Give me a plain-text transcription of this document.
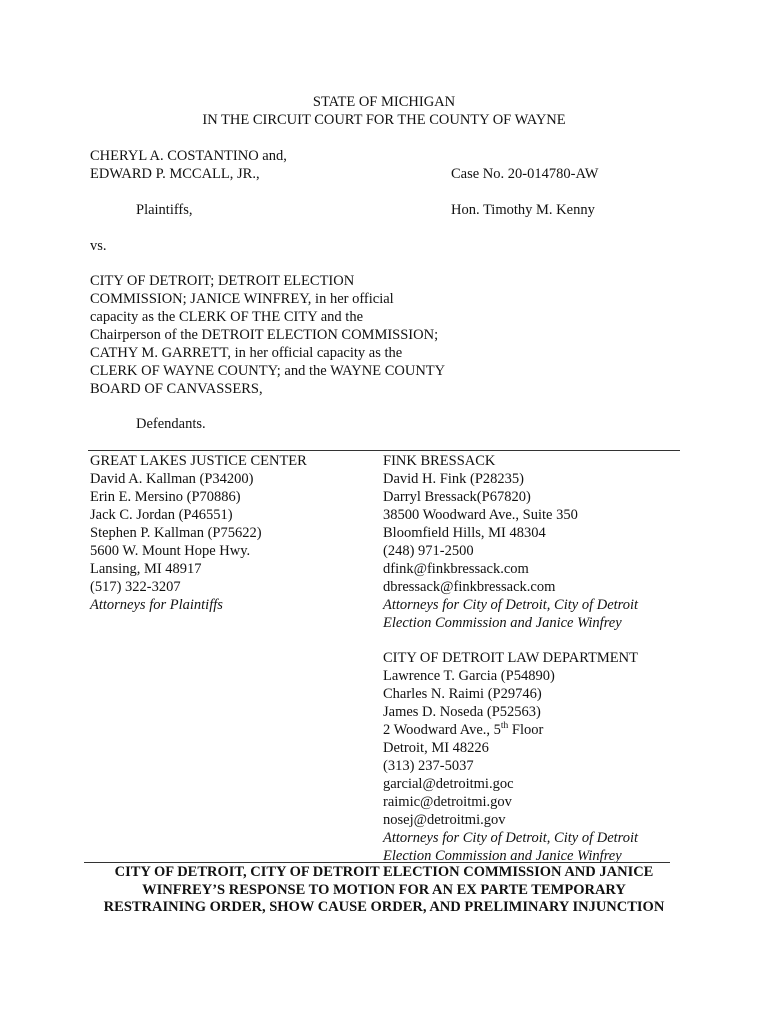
STATE OF MICHIGAN
IN THE CIRCUIT COURT FOR THE COUNTY OF WAYNE
CHERYL A. COSTANTINO and,
EDWARD P. MCCALL, JR.,	Case No. 20-014780-AW
Plaintiffs,	Hon. Timothy M. Kenny
vs.
CITY OF DETROIT; DETROIT ELECTION
COMMISSION; JANICE WINFREY, in her official
capacity as the CLERK OF THE CITY and the
Chairperson of the DETROIT ELECTION COMMISSION;
CATHY M. GARRETT, in her official capacity as the
CLERK OF WAYNE COUNTY; and the WAYNE COUNTY
BOARD OF CANVASSERS,
Defendants.
GREAT LAKES JUSTICE CENTER
David A. Kallman (P34200)
Erin E. Mersino (P70886)
Jack C. Jordan (P46551)
Stephen P. Kallman (P75622)
5600 W. Mount Hope Hwy.
Lansing, MI 48917
(517) 322-3207
Attorneys for Plaintiffs
FINK BRESSACK
David H. Fink (P28235)
Darryl Bressack(P67820)
38500 Woodward Ave., Suite 350
Bloomfield Hills, MI 48304
(248) 971-2500
dfink@finkbressack.com
dbressack@finkbressack.com
Attorneys for City of Detroit, City of Detroit
Election Commission and Janice Winfrey
CITY OF DETROIT LAW DEPARTMENT
Lawrence T. Garcia (P54890)
Charles N. Raimi (P29746)
James D. Noseda (P52563)
2 Woodward Ave., 5th Floor
Detroit, MI 48226
(313) 237-5037
garcial@detroitmi.goc
raimic@detroitmi.gov
nosej@detroitmi.gov
Attorneys for City of Detroit, City of Detroit
Election Commission and Janice Winfrey
CITY OF DETROIT, CITY OF DETROIT ELECTION COMMISSION AND JANICE
WINFREY’S RESPONSE TO MOTION FOR AN EX PARTE TEMPORARY
RESTRAINING ORDER, SHOW CAUSE ORDER, AND PRELIMINARY INJUNCTION
